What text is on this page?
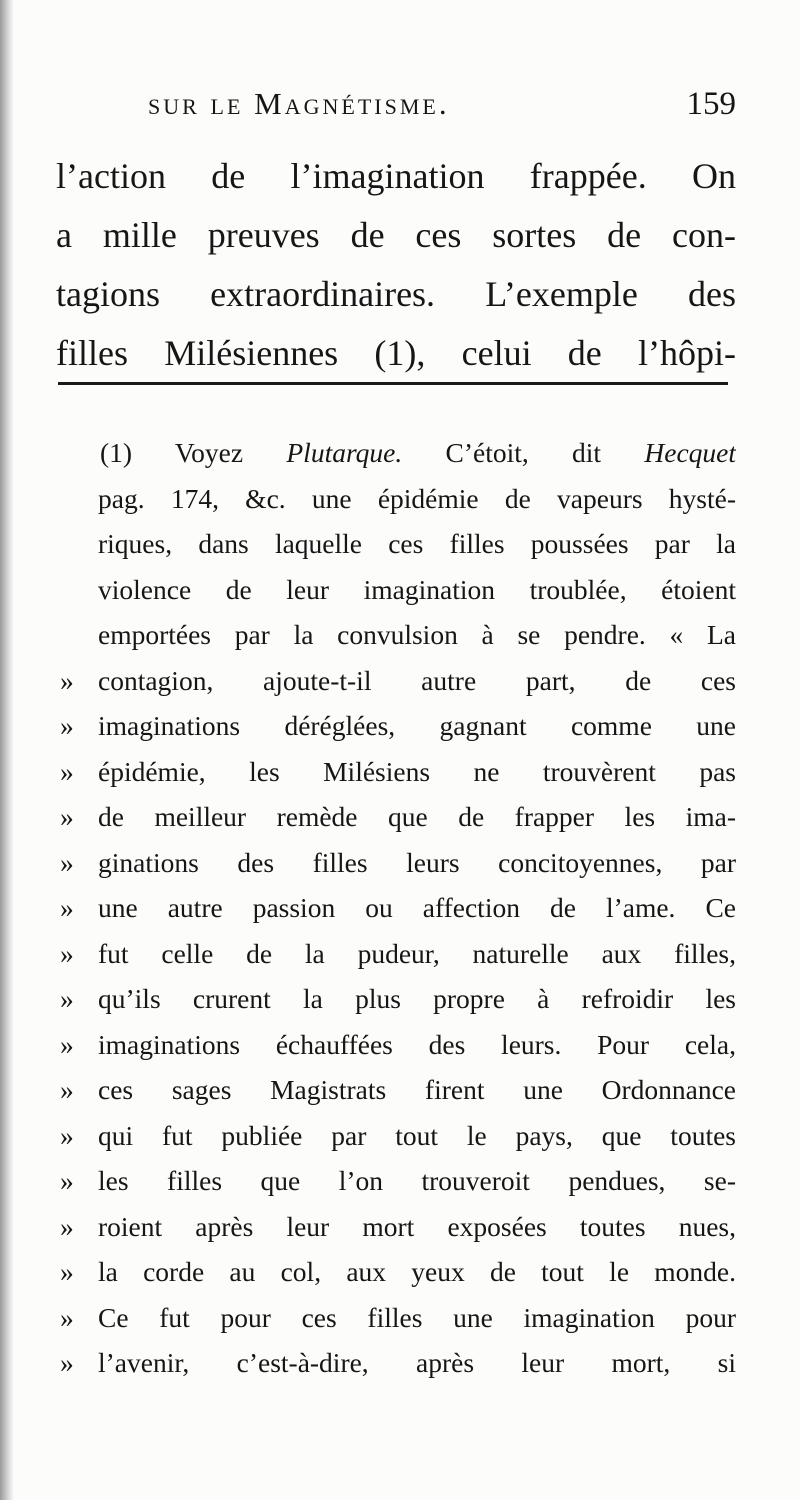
sur le Magnétisme.	159
l’action de l’imagination frappée. On
a mille preuves de ces sortes de con-
tagions extraordinaires. L’exemple des
filles Milésiennes (1), celui de l’hôpi-
(1) Voyez Plutarque. C’étoit, dit Hecquet
pag. 174, &c. une épidémie de vapeurs hysté-
riques, dans laquelle ces filles poussées par la
violence de leur imagination troublée, étoient
emportées par la convulsion à se pendre. « La
» contagion, ajoute-t-il autre part, de ces
» imaginations déréglées, gagnant comme une
» épidémie, les Milésiens ne trouvèrent pas
» de meilleur remède que de frapper les ima-
» ginations des filles leurs concitoyennes, par
» une autre passion ou affection de l’ame. Ce
» fut celle de la pudeur, naturelle aux filles,
» qu’ils crurent la plus propre à refroidir les
» imaginations échauffées des leurs. Pour cela,
» ces sages Magistrats firent une Ordonnance
» qui fut publiée par tout le pays, que toutes
» les filles que l’on trouveroit pendues, se-
» roient après leur mort exposées toutes nues,
» la corde au col, aux yeux de tout le monde.
» Ce fut pour ces filles une imagination pour
» l’avenir, c’est-à-dire, après leur mort, si
